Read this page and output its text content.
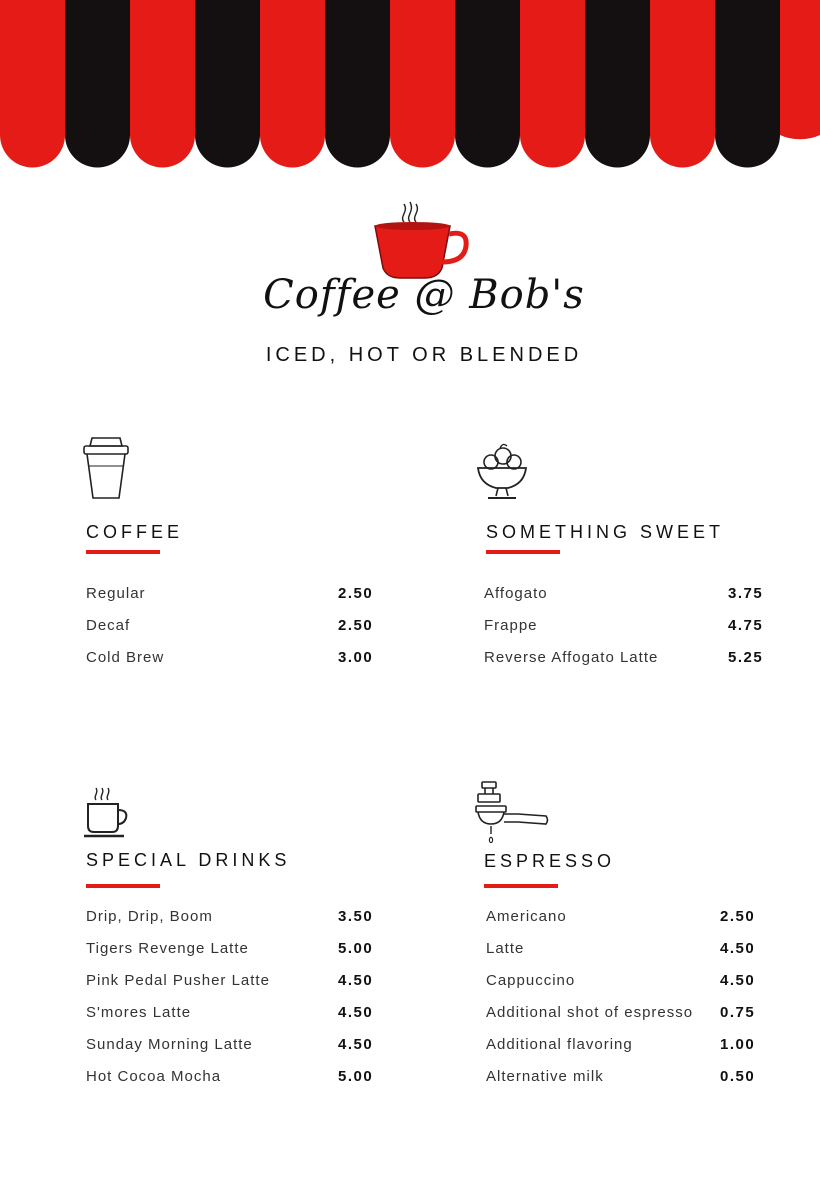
Coffee @ Bob's
ICED, HOT OR BLENDED
COFFEE
Regular	2.50
Decaf	2.50
Cold Brew	3.00
SOMETHING SWEET
Affogato	3.75
Frappe	4.75
Reverse Affogato Latte	5.25
SPECIAL DRINKS
Drip, Drip, Boom	3.50
Tigers Revenge Latte	5.00
Pink Pedal Pusher Latte	4.50
S'mores Latte	4.50
Sunday Morning Latte	4.50
Hot Cocoa Mocha	5.00
ESPRESSO
Americano	2.50
Latte	4.50
Cappuccino	4.50
Additional shot of espresso 0.75
Additional flavoring	1.00
Alternative milk	0.50
